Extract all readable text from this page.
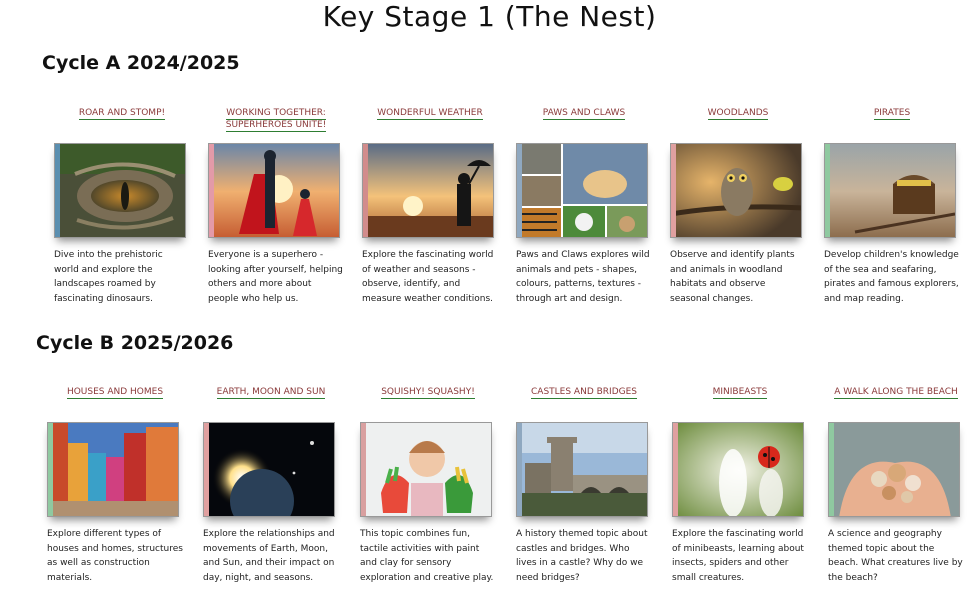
Key Stage 1 (The Nest)
Cycle A 2024/2025
ROAR AND STOMP!

Dive into the prehistoric world and explore the landscapes roamed by fascinating dinosaurs.

WORKING TOGETHER: SUPERHEROES UNITE!

Everyone is a superhero - looking after yourself, helping others and more about people who help us.

WONDERFUL WEATHER

Explore the fascinating world of weather and seasons - observe, identify, and measure weather conditions.

PAWS AND CLAWS

Paws and Claws explores wild animals and pets - shapes, colours, patterns, textures - through art and design.

WOODLANDS

Observe and identify plants and animals in woodland habitats and observe seasonal changes.

PIRATES

Develop children's knowledge of the sea and seafaring, pirates and famous explorers, and map reading.

Cycle B 2025/2026
HOUSES AND HOMES

Explore different types of houses and homes, structures as well as construction materials.

EARTH, MOON AND SUN

Explore the relationships and movements of Earth, Moon, and Sun, and their impact on day, night, and seasons.

SQUISHY! SQUASHY!

This topic combines fun, tactile activities with paint and clay for sensory exploration and creative play.

CASTLES AND BRIDGES

A history themed topic about castles and bridges. Who lives in a castle? Why do we need bridges?

MINIBEASTS

Explore the fascinating world of minibeasts, learning about insects, spiders and other small creatures.

A WALK ALONG THE BEACH

A science and geography themed topic about the beach. What creatures live by the beach?
